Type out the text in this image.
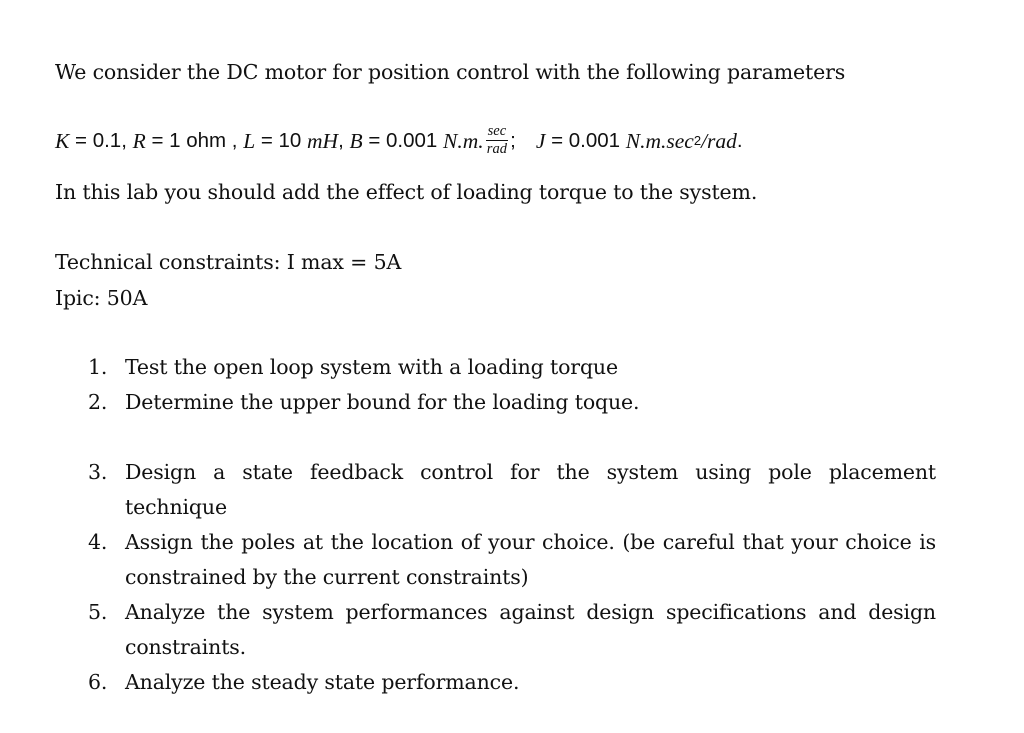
We consider the DC motor for position control with the following parameters
K = 0.1, R = 1 ohm , L = 10 mH , B = 0.001 N.m. $\frac{\sec}{\text{rad}}$ ; J = 0.001 N.m.sec 2 /rad .
In this lab you should add the effect of loading torque to the system.
Technical constraints: I max = 5A
Ipic: 50A
1. Test the open loop system with a loading torque
2. Determine the upper bound for the loading toque.
3. Design a state feedback control for the system using pole placement technique
4. Assign the poles at the location of your choice. (be careful that your choice is constrained by the current constraints)
5. Analyze the system performances against design specifications and design constraints.
6. Analyze the steady state performance.
